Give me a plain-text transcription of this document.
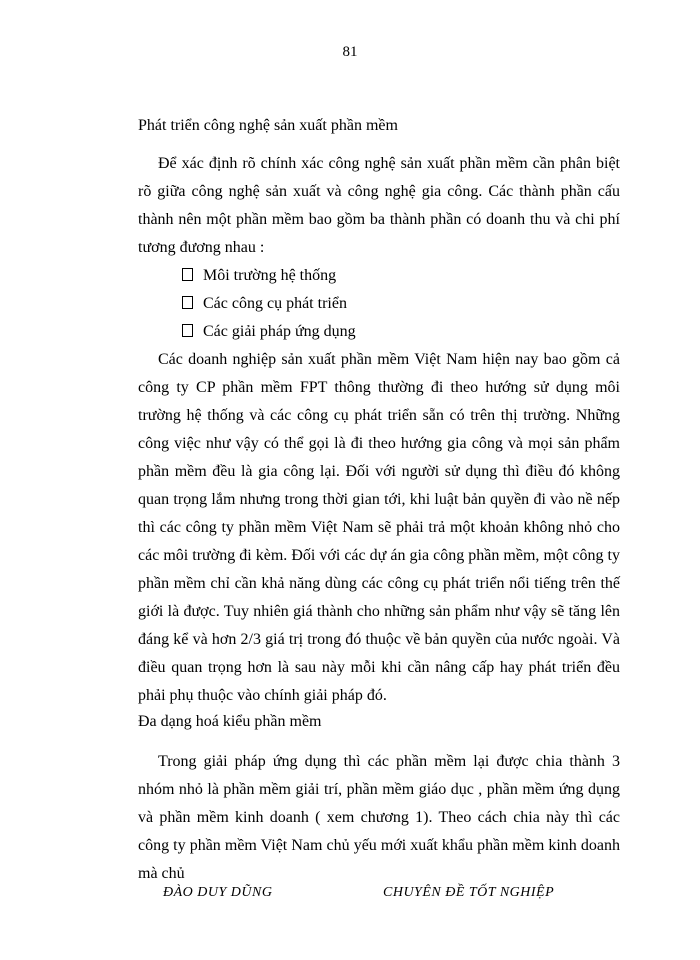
81
Phát triển công nghệ sản xuất phần mềm

Để xác định rõ chính xác công nghệ sản xuất phần mềm cần phân biệt rõ giữa công nghệ sản xuất và công nghệ gia công. Các thành phần cấu thành nên một phần mềm bao gồm ba thành phần có doanh thu và chi phí tương đương nhau :

Môi trường hệ thống
Các công cụ phát triển
Các giải pháp ứng dụng

Các doanh nghiệp sản xuất phần mềm Việt Nam hiện nay bao gồm cả công ty CP phần mềm FPT thông thường đi theo hướng sử dụng môi trường hệ thống và các công cụ phát triển sẵn có trên thị trường. Những công việc như vậy có thể gọi là đi theo hướng gia công và mọi sản phẩm phần mềm đều là gia công lại. Đối với người sử dụng thì điều đó không quan trọng lắm nhưng trong thời gian tới, khi luật bản quyền đi vào nề nếp thì các công ty phần mềm Việt Nam sẽ phải trả một khoản không nhỏ cho các môi trường đi kèm. Đối với các dự án gia công phần mềm, một công ty phần mềm chỉ cần khả năng dùng các công cụ phát triển nổi tiếng trên thế giới là được. Tuy nhiên giá thành cho những sản phẩm như vậy sẽ tăng lên đáng kể và hơn 2/3 giá trị trong đó thuộc về bản quyền của nước ngoài. Và điều quan trọng hơn là sau này mỗi khi cần nâng cấp hay phát triển đều phải phụ thuộc vào chính giải pháp đó.

Đa dạng hoá kiểu phần mềm

Trong giải pháp ứng dụng thì các phần mềm lại được chia thành 3 nhóm nhỏ là phần mềm giải trí, phần mềm giáo dục , phần mềm ứng dụng và phần mềm kinh doanh ( xem chương 1). Theo cách chia này thì các công ty phần mềm Việt Nam chủ yếu mới xuất khẩu phần mềm kinh doanh mà chủ

ĐÀO DUY DŨNG	CHUYÊN ĐỀ TỐT NGHIỆP
